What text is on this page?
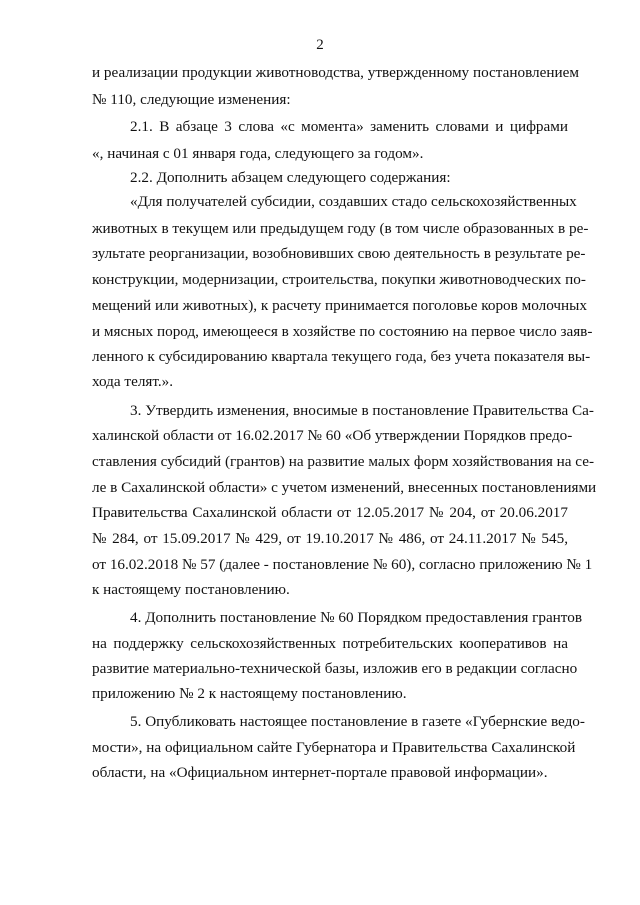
2
и реализации продукции животноводства, утвержденному постановлением
№ 110, следующие изменения:
2.1. В абзаце 3 слова «с момента» заменить словами и цифрами
«, начиная с 01 января года, следующего за годом».
2.2. Дополнить абзацем следующего содержания:
«Для получателей субсидии, создавших стадо сельскохозяйственных
животных в текущем или предыдущем году (в том числе образованных в ре-
зультате реорганизации, возобновивших свою деятельность в результате ре-
конструкции, модернизации, строительства, покупки животноводческих по-
мещений или животных), к расчету принимается поголовье коров молочных
и мясных пород, имеющееся в хозяйстве по состоянию на первое число заяв-
ленного к субсидированию квартала текущего года, без учета показателя вы-
хода телят.».
3. Утвердить изменения, вносимые в постановление Правительства Са-
халинской области от 16.02.2017 № 60 «Об утверждении Порядков предо-
ставления субсидий (грантов) на развитие малых форм хозяйствования на се-
ле в Сахалинской области» с учетом изменений, внесенных постановлениями
Правительства Сахалинской области от 12.05.2017 № 204, от 20.06.2017
№ 284, от 15.09.2017 № 429, от 19.10.2017 № 486, от 24.11.2017 № 545,
от 16.02.2018 № 57 (далее - постановление № 60), согласно приложению № 1
к настоящему постановлению.
4. Дополнить постановление № 60 Порядком предоставления грантов
на поддержку сельскохозяйственных потребительских кооперативов на
развитие материально-технической базы, изложив его в редакции согласно
приложению № 2 к настоящему постановлению.
5. Опубликовать настоящее постановление в газете «Губернские ведо-
мости», на официальном сайте Губернатора и Правительства Сахалинской
области, на «Официальном интернет-портале правовой информации».
